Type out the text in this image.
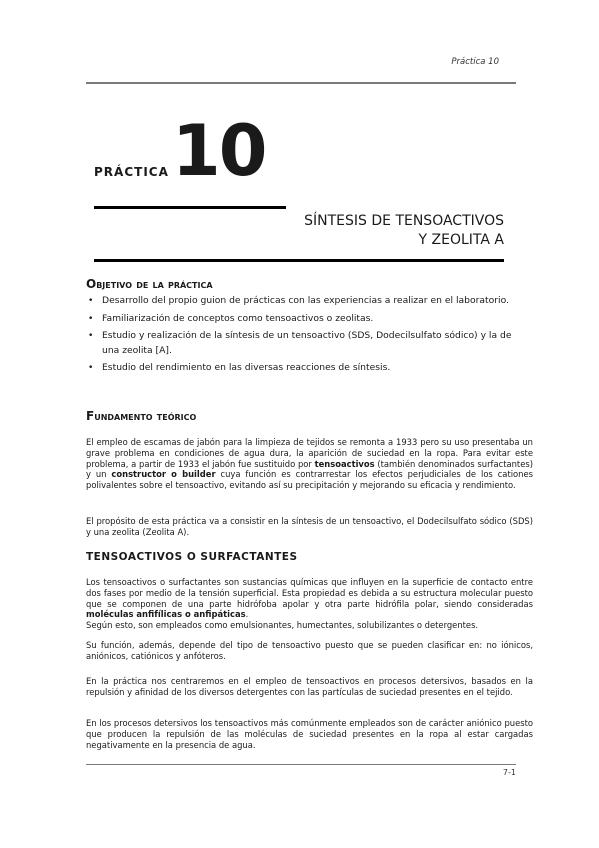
Práctica 10
PRÁCTICA 10
SÍNTESIS DE TENSOACTIVOS
Y ZEOLITA A
Objetivo de la práctica
• Desarrollo del propio guion de prácticas con las experiencias a realizar en el laboratorio.
• Familiarización de conceptos como tensoactivos o zeolitas.
• Estudio y realización de la síntesis de un tensoactivo (SDS, Dodecilsulfato sódico) y la de una zeolita [A].
• Estudio del rendimiento en las diversas reacciones de síntesis.
Fundamento teórico
El empleo de escamas de jabón para la limpieza de tejidos se remonta a 1933 pero su uso presentaba un grave problema en condiciones de agua dura, la aparición de suciedad en la ropa. Para evitar este problema, a partir de 1933 el jabón fue sustituido por tensoactivos (también denominados surfactantes) y un constructor o builder cuya función es contrarrestar los efectos perjudiciales de los cationes polivalentes sobre el tensoactivo, evitando así su precipitación y mejorando su eficacia y rendimiento.
El propósito de esta práctica va a consistir en la síntesis de un tensoactivo, el Dodecilsulfato sódico (SDS) y una zeolita (Zeolita A).
TENSOACTIVOS O SURFACTANTES
Los tensoactivos o surfactantes son sustancias químicas que influyen en la superficie de contacto entre dos fases por medio de la tensión superficial. Esta propiedad es debida a su estructura molecular puesto que se componen de una parte hidrófoba apolar y otra parte hidrófila polar, siendo consideradas moléculas anfifílicas o anfipáticas.
Según esto, son empleados como emulsionantes, humectantes, solubilizantes o detergentes.
Su función, además, depende del tipo de tensoactivo puesto que se pueden clasificar en: no iónicos, aniónicos, catiónicos y anfóteros.
En la práctica nos centraremos en el empleo de tensoactivos en procesos detersivos, basados en la repulsión y afinidad de los diversos detergentes con las partículas de suciedad presentes en el tejido.
En los procesos detersivos los tensoactivos más comúnmente empleados son de carácter aniónico puesto que producen la repulsión de las moléculas de suciedad presentes en la ropa al estar cargadas negativamente en la presencia de agua.
7-1
